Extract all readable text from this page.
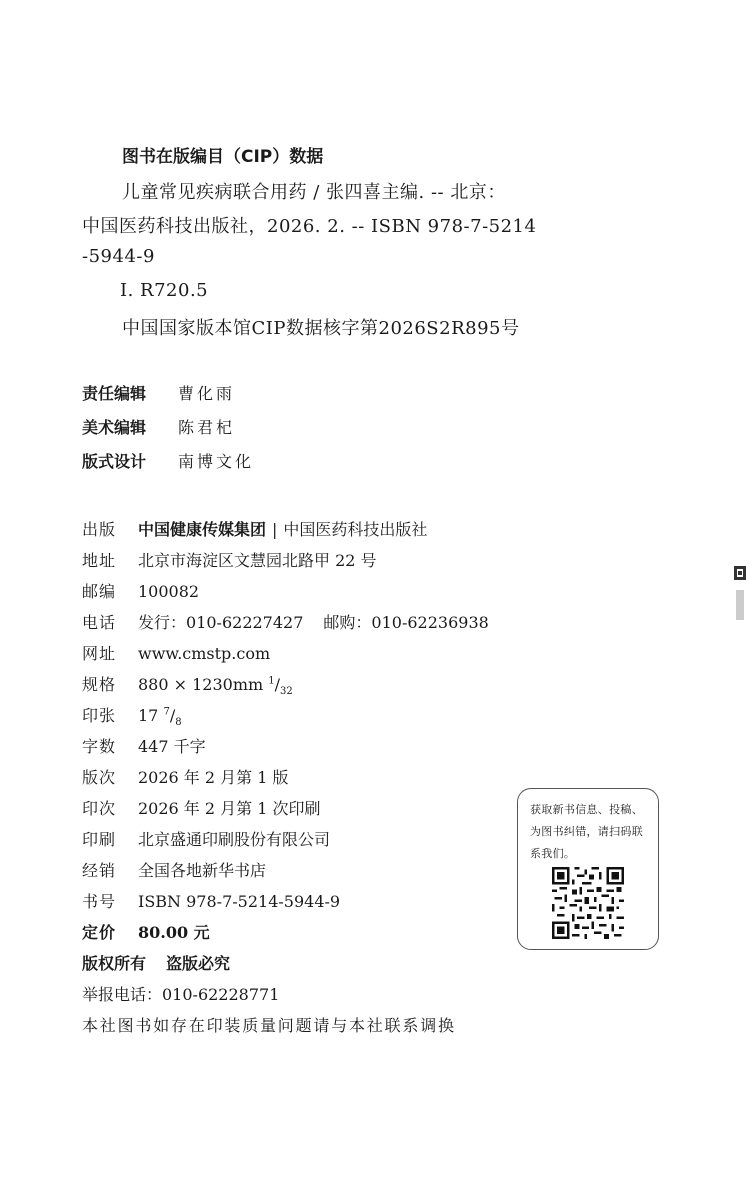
图书在版编目（CIP）数据
儿童常见疾病联合用药 / 张四喜主编. -- 北京：
中国医药科技出版社，2026. 2. -- ISBN 978-7-5214
-5944-9
Ⅰ. R720.5
中国国家版本馆CIP数据核字第2026S2R895号
责任编辑 曹化雨
美术编辑 陈君杞
版式设计 南博文化
出版 中国健康传媒集团 | 中国医药科技出版社
地址 北京市海淀区文慧园北路甲 22 号
邮编 100082
电话 发行：010-62227427 邮购：010-62236938
网址 www.cmstp.com
规格 880 × 1230mm $^1/_{32}$
印张 17 $^7/_8$
字数 447 千字
版次 2026 年 2 月第 1 版
印次 2026 年 2 月第 1 次印刷
印刷 北京盛通印刷股份有限公司
经销 全国各地新华书店
书号 ISBN 978-7-5214-5944-9
定价 80.00 元
版权所有 盗版必究
举报电话：010-62228771
本社图书如存在印装质量问题请与本社联系调换
获取新书信息、投稿、为图书纠错，请扫码联系我们。
